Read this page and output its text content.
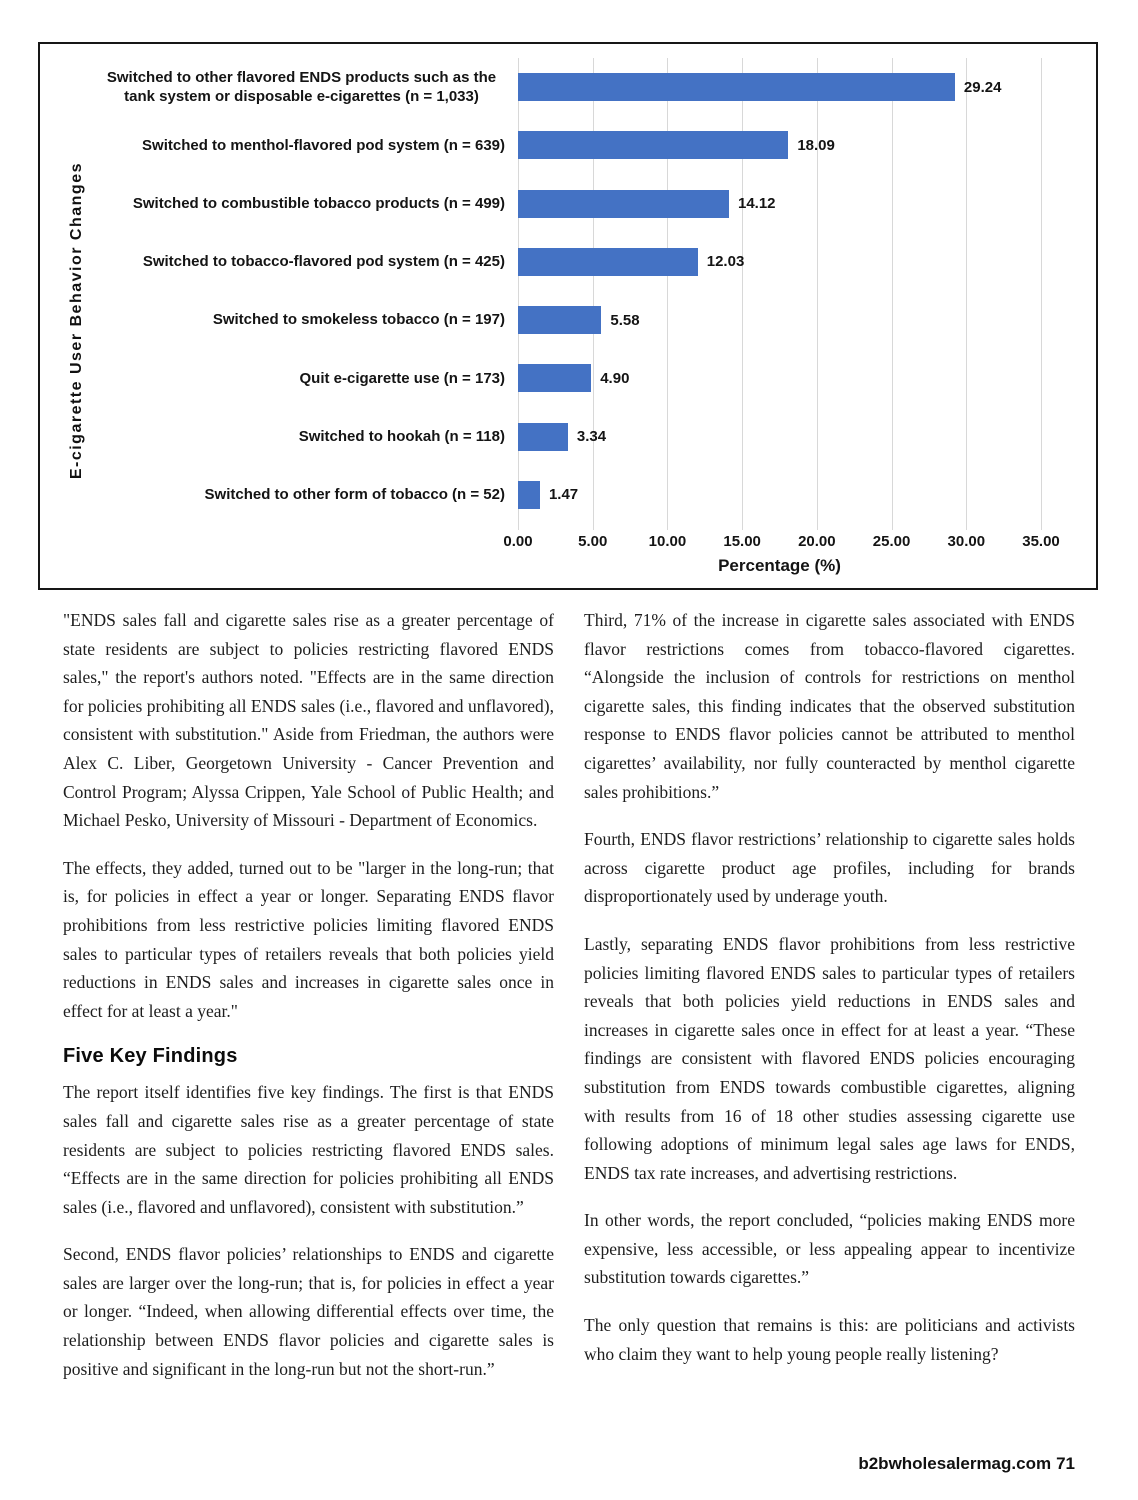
E-cigarette User Behavior Changes
Switched to other flavored ENDS products such as the tank system or disposable e-cigarettes (n = 1,033)
Switched to menthol-flavored pod system (n = 639)
Switched to combustible tobacco products (n = 499)
Switched to tobacco-flavored pod system (n = 425)
Switched to smokeless tobacco (n = 197)
Quit e-cigarette use (n = 173)
Switched to hookah (n = 118)
Switched to other form of tobacco (n = 52)
29.24
18.09
14.12
12.03
5.58
4.90
3.34
1.47
0.00	5.00	10.00 15.00 20.00 25.00 30.00 35.00
Percentage (%)

"ENDS sales fall and cigarette sales rise as a greater percentage of state residents are subject to policies restricting flavored ENDS sales," the report's authors noted. "Effects are in the same direction for policies prohibiting all ENDS sales (i.e., flavored and unflavored), consistent with substitution." Aside from Friedman, the authors were Alex C. Liber, Georgetown University - Cancer Prevention and Control Program; Alyssa Crippen, Yale School of Public Health; and Michael Pesko, University of Missouri - Department of Economics.

The effects, they added, turned out to be "larger in the long-run; that is, for policies in effect a year or longer. Separating ENDS flavor prohibitions from less restrictive policies limiting flavored ENDS sales to particular types of retailers reveals that both policies yield reductions in ENDS sales and increases in cigarette sales once in effect for at least a year."

Five Key Findings

The report itself identifies five key findings. The first is that ENDS sales fall and cigarette sales rise as a greater percentage of state residents are subject to policies restricting flavored ENDS sales. “Effects are in the same direction for policies prohibiting all ENDS sales (i.e., flavored and unflavored), consistent with substitution.”

Second, ENDS flavor policies’ relationships to ENDS and cigarette sales are larger over the long-run; that is, for policies in effect a year or longer. “Indeed, when allowing differential effects over time, the relationship between ENDS flavor policies and cigarette sales is positive and significant in the long-run but not the short-run.”

Third, 71% of the increase in cigarette sales associated with ENDS flavor restrictions comes from tobacco-flavored cigarettes. “Alongside the inclusion of controls for restrictions on menthol cigarette sales, this finding indicates that the observed substitution response to ENDS flavor policies cannot be attributed to menthol cigarettes’ availability, nor fully counteracted by menthol cigarette sales prohibitions.”

Fourth, ENDS flavor restrictions’ relationship to cigarette sales holds across cigarette product age profiles, including for brands disproportionately used by underage youth.

Lastly, separating ENDS flavor prohibitions from less restrictive policies limiting flavored ENDS sales to particular types of retailers reveals that both policies yield reductions in ENDS sales and increases in cigarette sales once in effect for at least a year. “These findings are consistent with flavored ENDS policies encouraging substitution from ENDS towards combustible cigarettes, aligning with results from 16 of 18 other studies assessing cigarette use following adoptions of minimum legal sales age laws for ENDS, ENDS tax rate increases, and advertising restrictions.

In other words, the report concluded, “policies making ENDS more expensive, less accessible, or less appealing appear to incentivize substitution towards cigarettes.”

The only question that remains is this: are politicians and activists who claim they want to help young people really listening?

b2bwholesalermag.com 71
